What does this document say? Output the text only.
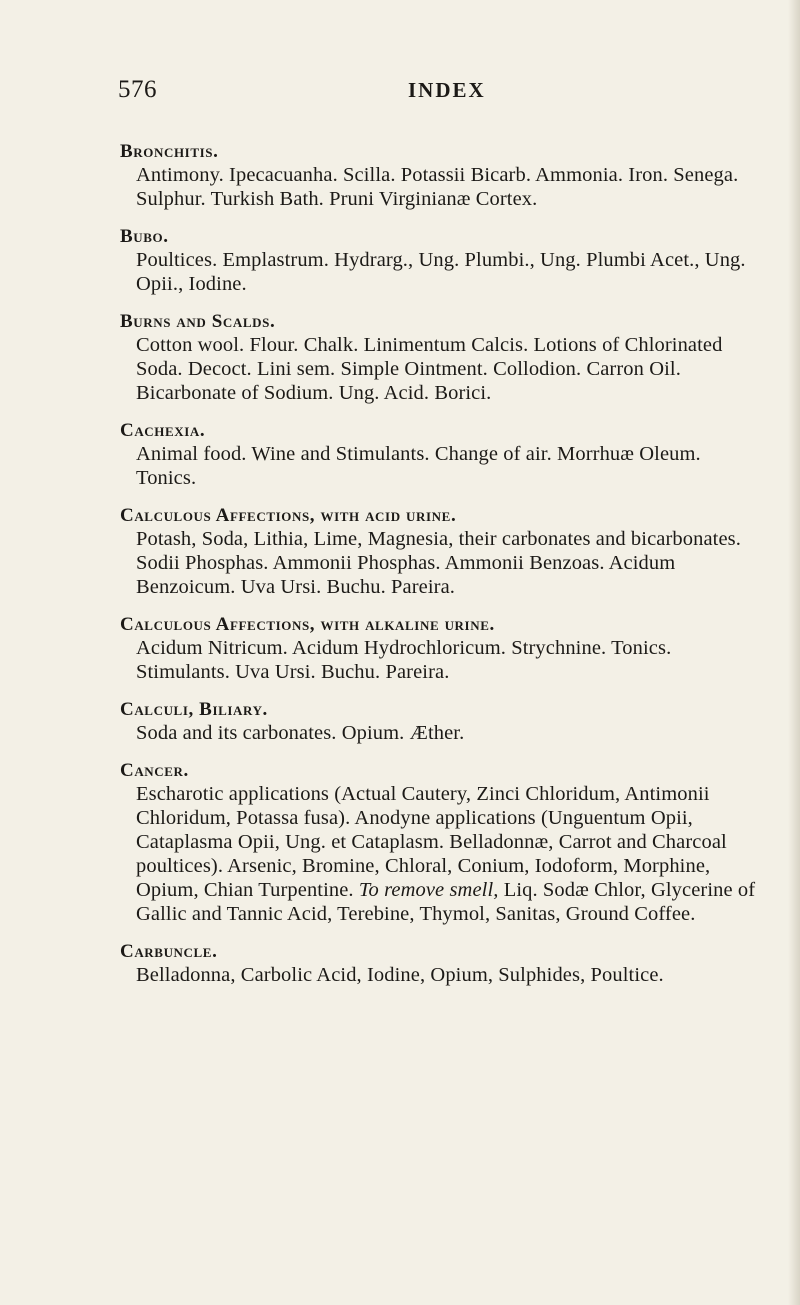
576	INDEX
Bronchitis.
Antimony. Ipecacuanha. Scilla. Potassii Bicarb. Ammonia. Iron. Senega. Sulphur. Turkish Bath. Pruni Virginianæ Cortex.
Bubo.
Poultices. Emplastrum. Hydrarg., Ung. Plumbi., Ung. Plumbi Acet., Ung. Opii., Iodine.
Burns and Scalds.
Cotton wool. Flour. Chalk. Linimentum Calcis. Lotions of Chlorinated Soda. Decoct. Lini sem. Simple Ointment. Collodion. Carron Oil. Bicarbonate of Sodium. Ung. Acid. Borici.
Cachexia.
Animal food. Wine and Stimulants. Change of air. Morrhuæ Oleum. Tonics.
Calculous Affections, with acid urine.
Potash, Soda, Lithia, Lime, Magnesia, their carbonates and bicarbonates. Sodii Phosphas. Ammonii Phosphas. Ammonii Benzoas. Acidum Benzoicum. Uva Ursi. Buchu. Pareira.
Calculous Affections, with alkaline urine.
Acidum Nitricum. Acidum Hydrochloricum. Strychnine. Tonics. Stimulants. Uva Ursi. Buchu. Pareira.
Calculi, Biliary.
Soda and its carbonates. Opium. Æther.
Cancer.
Escharotic applications (Actual Cautery, Zinci Chloridum, Antimonii Chloridum, Potassa fusa). Anodyne applications (Unguentum Opii, Cataplasma Opii, Ung. et Cataplasm. Belladonnæ, Carrot and Charcoal poultices). Arsenic, Bromine, Chloral, Conium, Iodoform, Morphine, Opium, Chian Turpentine. To remove smell, Liq. Sodæ Chlor, Glycerine of Gallic and Tannic Acid, Terebine, Thymol, Sanitas, Ground Coffee.
Carbuncle.
Belladonna, Carbolic Acid, Iodine, Opium, Sulphides, Poultice.
